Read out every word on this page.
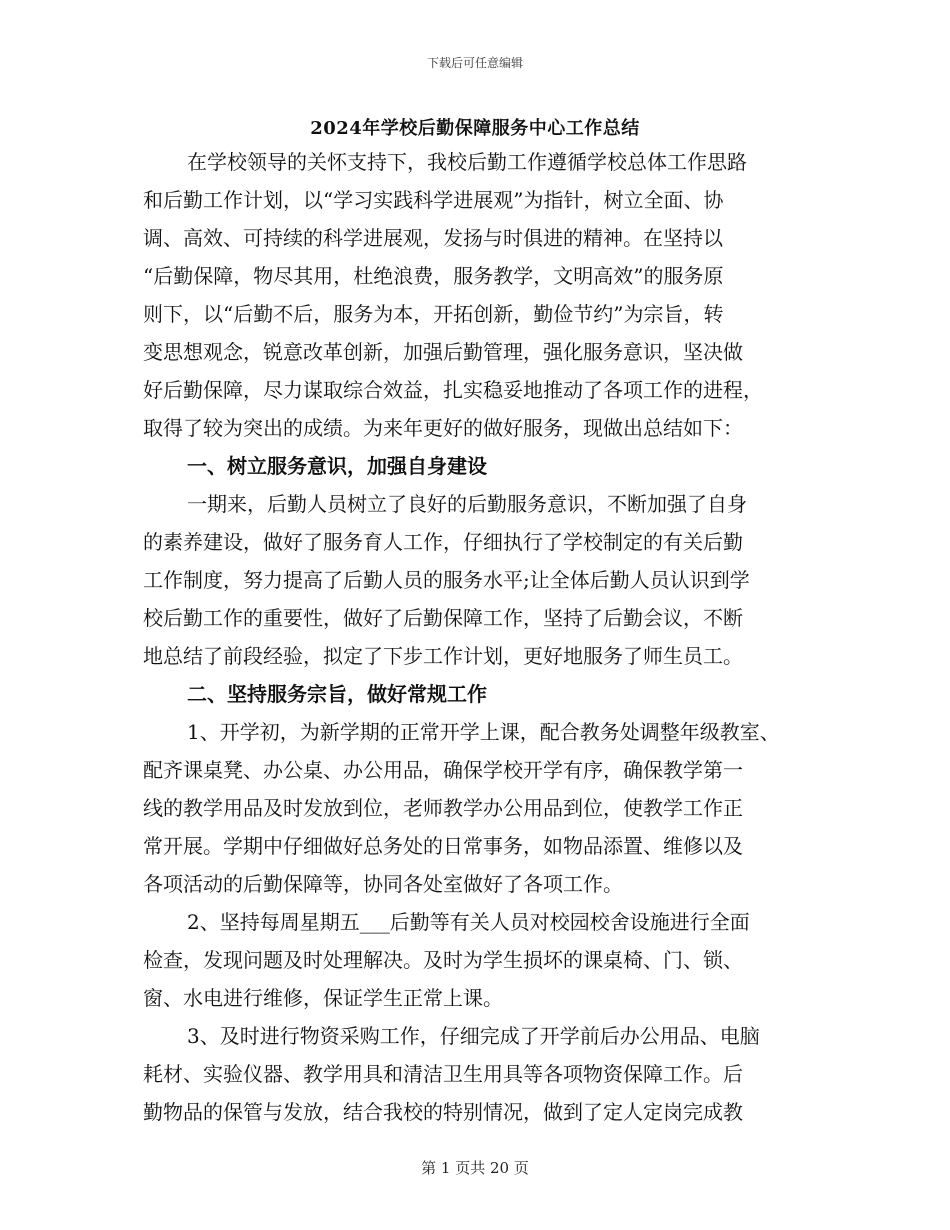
下载后可任意编辑
2024年学校后勤保障服务中心工作总结
在学校领导的关怀支持下，我校后勤工作遵循学校总体工作思路
和后勤工作计划，以“学习实践科学进展观”为指针，树立全面、协
调、高效、可持续的科学进展观，发扬与时俱进的精神。在坚持以
“后勤保障，物尽其用，杜绝浪费，服务教学，文明高效”的服务原
则下，以“后勤不后，服务为本，开拓创新，勤俭节约”为宗旨，转
变思想观念，锐意改革创新，加强后勤管理，强化服务意识，坚决做
好后勤保障，尽力谋取综合效益，扎实稳妥地推动了各项工作的进程，
取得了较为突出的成绩。为来年更好的做好服务，现做出总结如下：
一、树立服务意识，加强自身建设
一期来，后勤人员树立了良好的后勤服务意识，不断加强了自身
的素养建设，做好了服务育人工作，仔细执行了学校制定的有关后勤
工作制度，努力提高了后勤人员的服务水平;让全体后勤人员认识到学
校后勤工作的重要性，做好了后勤保障工作，坚持了后勤会议，不断
地总结了前段经验，拟定了下步工作计划，更好地服务了师生员工。
二、坚持服务宗旨，做好常规工作
1、开学初，为新学期的正常开学上课，配合教务处调整年级教室、
配齐课桌凳、办公桌、办公用品，确保学校开学有序，确保教学第一
线的教学用品及时发放到位，老师教学办公用品到位，使教学工作正
常开展。学期中仔细做好总务处的日常事务，如物品添置、维修以及
各项活动的后勤保障等，协同各处室做好了各项工作。
2、坚持每周星期五___后勤等有关人员对校园校舍设施进行全面
检查，发现问题及时处理解决。及时为学生损坏的课桌椅、门、锁、
窗、水电进行维修，保证学生正常上课。
3、及时进行物资采购工作，仔细完成了开学前后办公用品、电脑
耗材、实验仪器、教学用具和清洁卫生用具等各项物资保障工作。后
勤物品的保管与发放，结合我校的特别情况，做到了定人定岗完成教
第 1 页共 20 页
